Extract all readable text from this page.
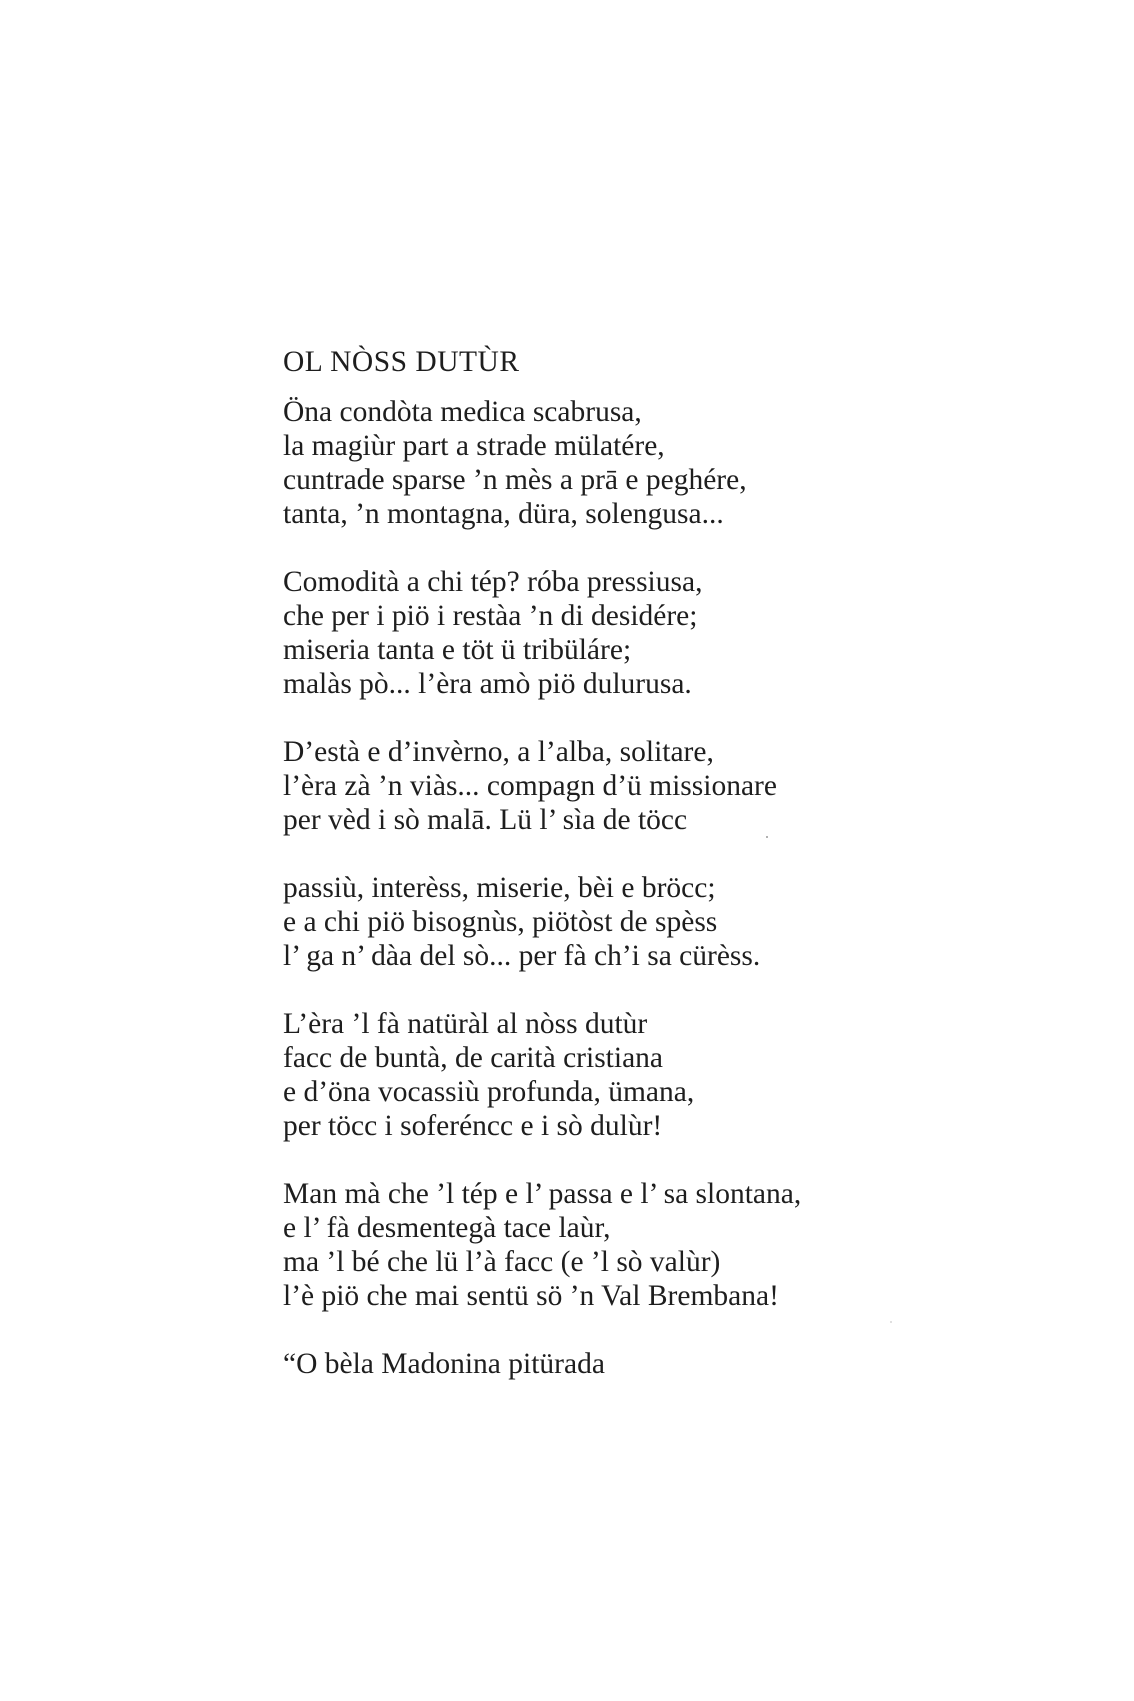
OL NÒSS DUTÙR
Öna condòta medica scabrusa,
la magiùr part a strade mülatére,
cuntrade sparse ’n mès a prā e peghére,
tanta, ’n montagna, düra, solengusa...
Comodità a chi tép? róba pressiusa,
che per i piö i restàa ’n di desidére;
miseria tanta e töt ü tribüláre;
malàs pò... l’èra amò piö dulurusa.
D’està e d’invèrno, a l’alba, solitare,
l’èra zà ’n viàs... compagn d’ü missionare
per vèd i sò malā. Lü l’ sìa de töcc
passiù, interèss, miserie, bèi e bröcc;
e a chi piö bisognùs, piötòst de spèss
l’ ga n’ dàa del sò... per fà ch’i sa cürèss.
L’èra ’l fà natüràl al nòss dutùr
facc de buntà, de carità cristiana
e d’öna vocassiù profunda, ümana,
per töcc i soferéncc e i sò dulùr!
Man mà che ’l tép e l’ passa e l’ sa slontana,
e l’ fà desmentegà tace laùr,
ma ’l bé che lü l’à facc (e ’l sò valùr)
l’è piö che mai sentü sö ’n Val Brembana!
“O bèla Madonina pitürada
